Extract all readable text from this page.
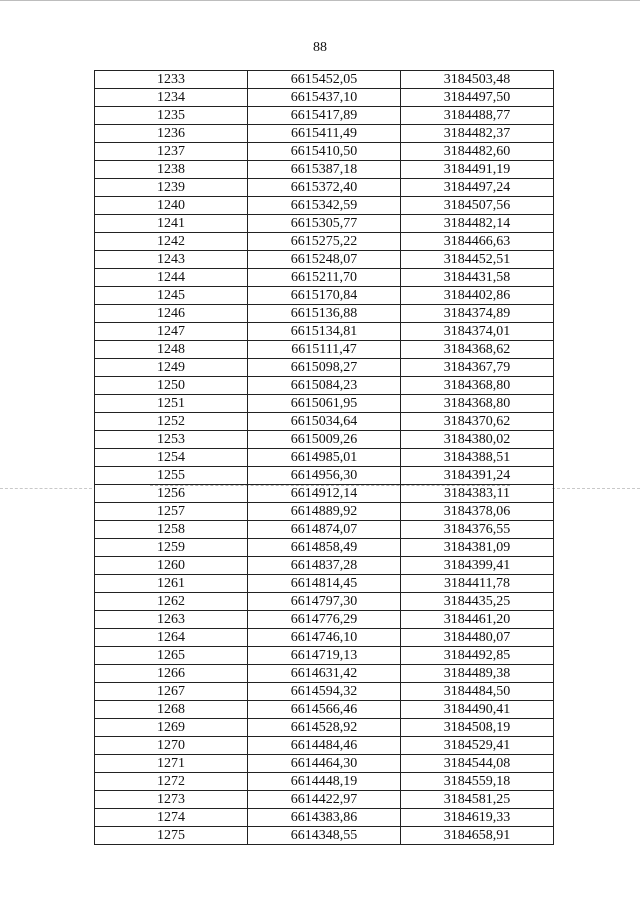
88
1233	6615452,05	3184503,48
1234	6615437,10	3184497,50
1235	6615417,89	3184488,77
1236	6615411,49	3184482,37
1237	6615410,50	3184482,60
1238	6615387,18	3184491,19
1239	6615372,40	3184497,24
1240	6615342,59	3184507,56
1241	6615305,77	3184482,14
1242	6615275,22	3184466,63
1243	6615248,07	3184452,51
1244	6615211,70	3184431,58
1245	6615170,84	3184402,86
1246	6615136,88	3184374,89
1247	6615134,81	3184374,01
1248	6615111,47	3184368,62
1249	6615098,27	3184367,79
1250	6615084,23	3184368,80
1251	6615061,95	3184368,80
1252	6615034,64	3184370,62
1253	6615009,26	3184380,02
1254	6614985,01	3184388,51
1255	6614956,30	3184391,24
1256	6614912,14	3184383,11
1257	6614889,92	3184378,06
1258	6614874,07	3184376,55
1259	6614858,49	3184381,09
1260	6614837,28	3184399,41
1261	6614814,45	3184411,78
1262	6614797,30	3184435,25
1263	6614776,29	3184461,20
1264	6614746,10	3184480,07
1265	6614719,13	3184492,85
1266	6614631,42	3184489,38
1267	6614594,32	3184484,50
1268	6614566,46	3184490,41
1269	6614528,92	3184508,19
1270	6614484,46	3184529,41
1271	6614464,30	3184544,08
1272	6614448,19	3184559,18
1273	6614422,97	3184581,25
1274	6614383,86	3184619,33
1275	6614348,55	3184658,91
